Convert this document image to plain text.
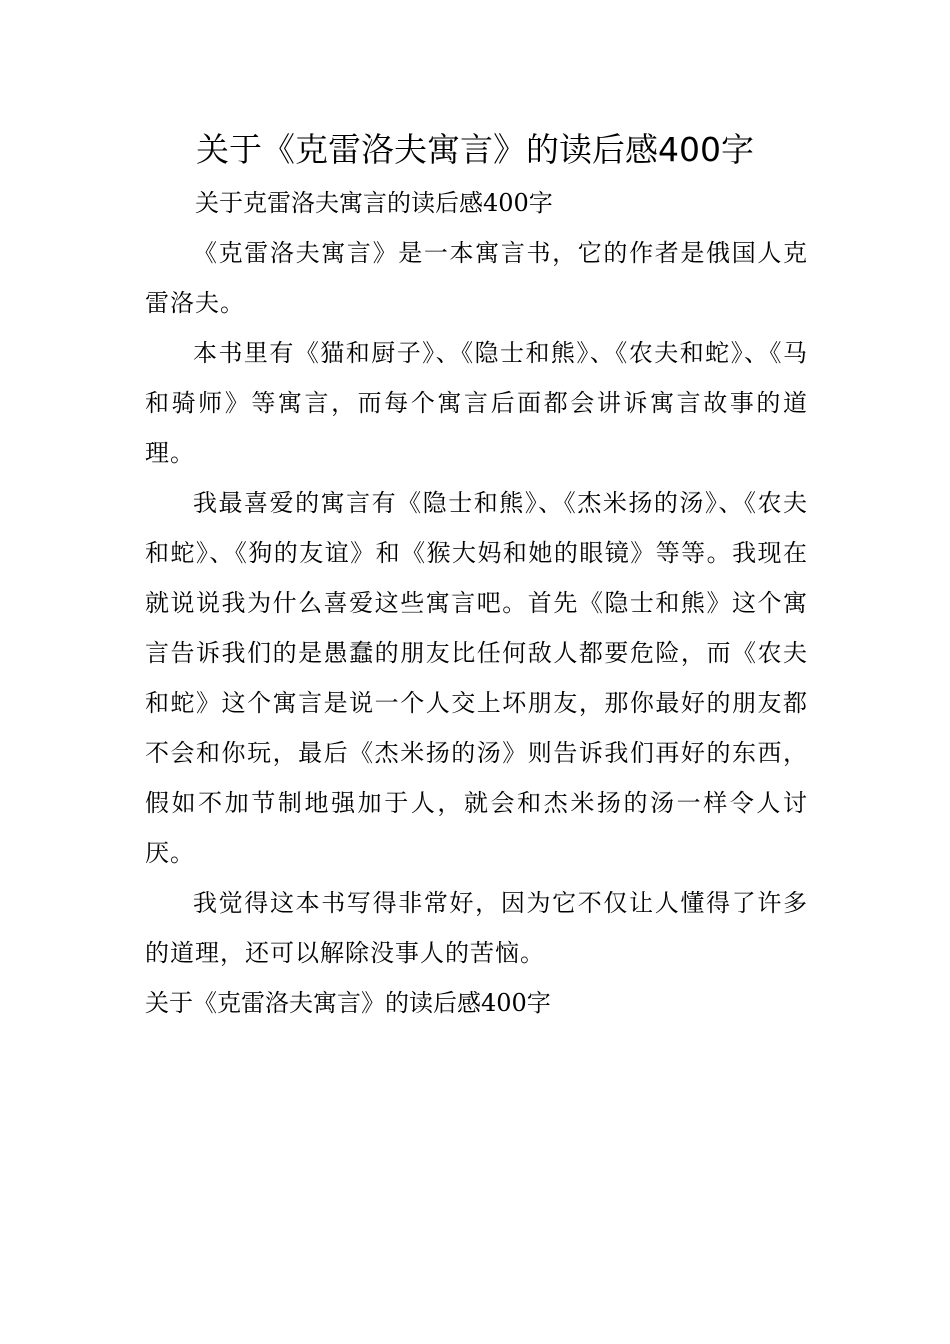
关于《克雷洛夫寓言》的读后感400字

关于克雷洛夫寓言的读后感400字

《克雷洛夫寓言》是一本寓言书，它的作者是俄国人克雷洛夫。

本书里有《猫和厨子》、《隐士和熊》、《农夫和蛇》、《马和骑师》等寓言，而每个寓言后面都会讲诉寓言故事的道理。

我最喜爱的寓言有《隐士和熊》、《杰米扬的汤》、《农夫和蛇》、《狗的友谊》和《猴大妈和她的眼镜》等等。我现在就说说我为什么喜爱这些寓言吧。首先《隐士和熊》这个寓言告诉我们的是愚蠢的朋友比任何敌人都要危险，而《农夫和蛇》这个寓言是说一个人交上坏朋友，那你最好的朋友都不会和你玩，最后《杰米扬的汤》则告诉我们再好的东西，假如不加节制地强加于人，就会和杰米扬的汤一样令人讨厌。

我觉得这本书写得非常好，因为它不仅让人懂得了许多的道理，还可以解除没事人的苦恼。

关于《克雷洛夫寓言》的读后感400字
